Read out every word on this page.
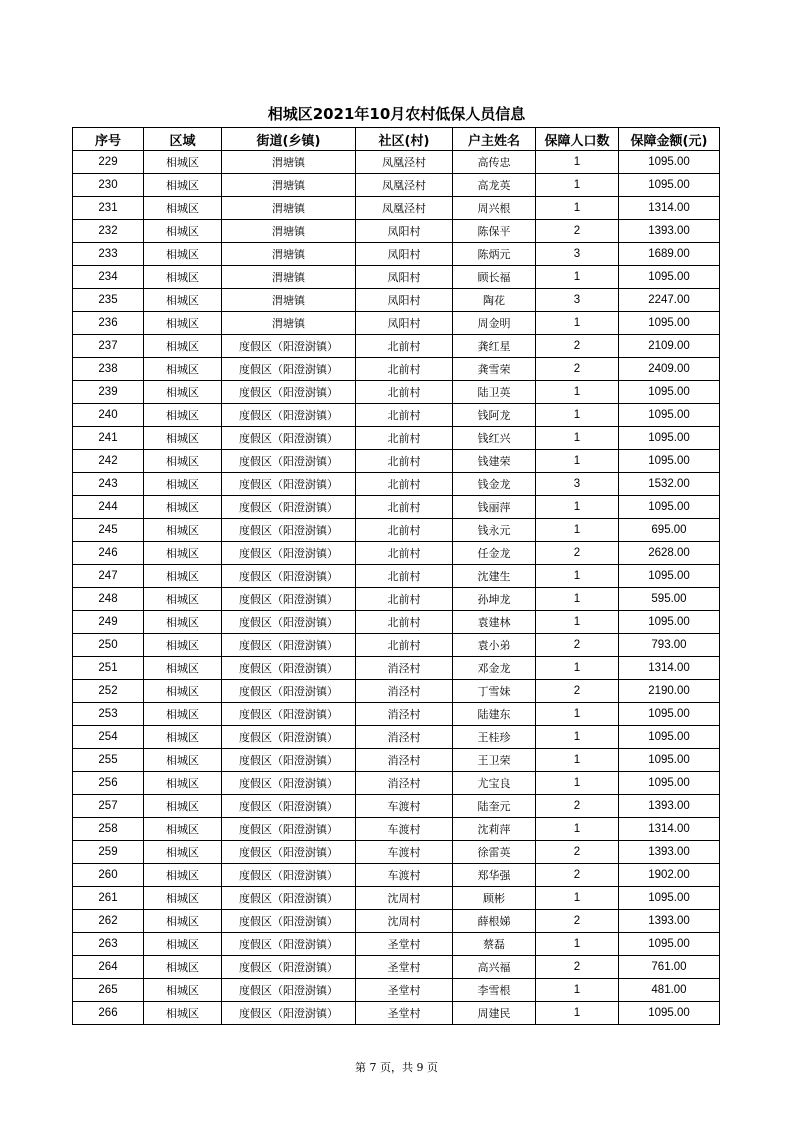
相城区2021年10月农村低保人员信息
序号	区域	街道(乡镇)	社区(村)	户主姓名	保障人口数	保障金额(元)
229	相城区	渭塘镇	凤凰泾村	高传忠	1	1095.00
230	相城区	渭塘镇	凤凰泾村	高龙英	1	1095.00
231	相城区	渭塘镇	凤凰泾村	周兴根	1	1314.00
232	相城区	渭塘镇	凤阳村	陈保平	2	1393.00
233	相城区	渭塘镇	凤阳村	陈炳元	3	1689.00
234	相城区	渭塘镇	凤阳村	顾长福	1	1095.00
235	相城区	渭塘镇	凤阳村	陶花	3	2247.00
236	相城区	渭塘镇	凤阳村	周金明	1	1095.00
237	相城区	度假区（阳澄澍镇）	北前村	龚红星	2	2109.00
238	相城区	度假区（阳澄澍镇）	北前村	龚雪荣	2	2409.00
239	相城区	度假区（阳澄澍镇）	北前村	陆卫英	1	1095.00
240	相城区	度假区（阳澄澍镇）	北前村	钱阿龙	1	1095.00
241	相城区	度假区（阳澄澍镇）	北前村	钱红兴	1	1095.00
242	相城区	度假区（阳澄澍镇）	北前村	钱建荣	1	1095.00
243	相城区	度假区（阳澄澍镇）	北前村	钱金龙	3	1532.00
244	相城区	度假区（阳澄澍镇）	北前村	钱丽萍	1	1095.00
245	相城区	度假区（阳澄澍镇）	北前村	钱永元	1	695.00
246	相城区	度假区（阳澄澍镇）	北前村	任金龙	2	2628.00
247	相城区	度假区（阳澄澍镇）	北前村	沈建生	1	1095.00
248	相城区	度假区（阳澄澍镇）	北前村	孙坤龙	1	595.00
249	相城区	度假区（阳澄澍镇）	北前村	袁建林	1	1095.00
250	相城区	度假区（阳澄澍镇）	北前村	袁小弟	2	793.00
251	相城区	度假区（阳澄澍镇）	消泾村	邓金龙	1	1314.00
252	相城区	度假区（阳澄澍镇）	消泾村	丁雪妹	2	2190.00
253	相城区	度假区（阳澄澍镇）	消泾村	陆建东	1	1095.00
254	相城区	度假区（阳澄澍镇）	消泾村	王桂珍	1	1095.00
255	相城区	度假区（阳澄澍镇）	消泾村	王卫荣	1	1095.00
256	相城区	度假区（阳澄澍镇）	消泾村	尤宝良	1	1095.00
257	相城区	度假区（阳澄澍镇）	车渡村	陆奎元	2	1393.00
258	相城区	度假区（阳澄澍镇）	车渡村	沈莉萍	1	1314.00
259	相城区	度假区（阳澄澍镇）	车渡村	徐雷英	2	1393.00
260	相城区	度假区（阳澄澍镇）	车渡村	郑华强	2	1902.00
261	相城区	度假区（阳澄澍镇）	沈周村	顾彬	1	1095.00
262	相城区	度假区（阳澄澍镇）	沈周村	薛根娣	2	1393.00
263	相城区	度假区（阳澄澍镇）	圣堂村	蔡磊	1	1095.00
264	相城区	度假区（阳澄澍镇）	圣堂村	高兴福	2	761.00
265	相城区	度假区（阳澄澍镇）	圣堂村	李雪根	1	481.00
266	相城区	度假区（阳澄澍镇）	圣堂村	周建民	1	1095.00
第 7 页，共 9 页
